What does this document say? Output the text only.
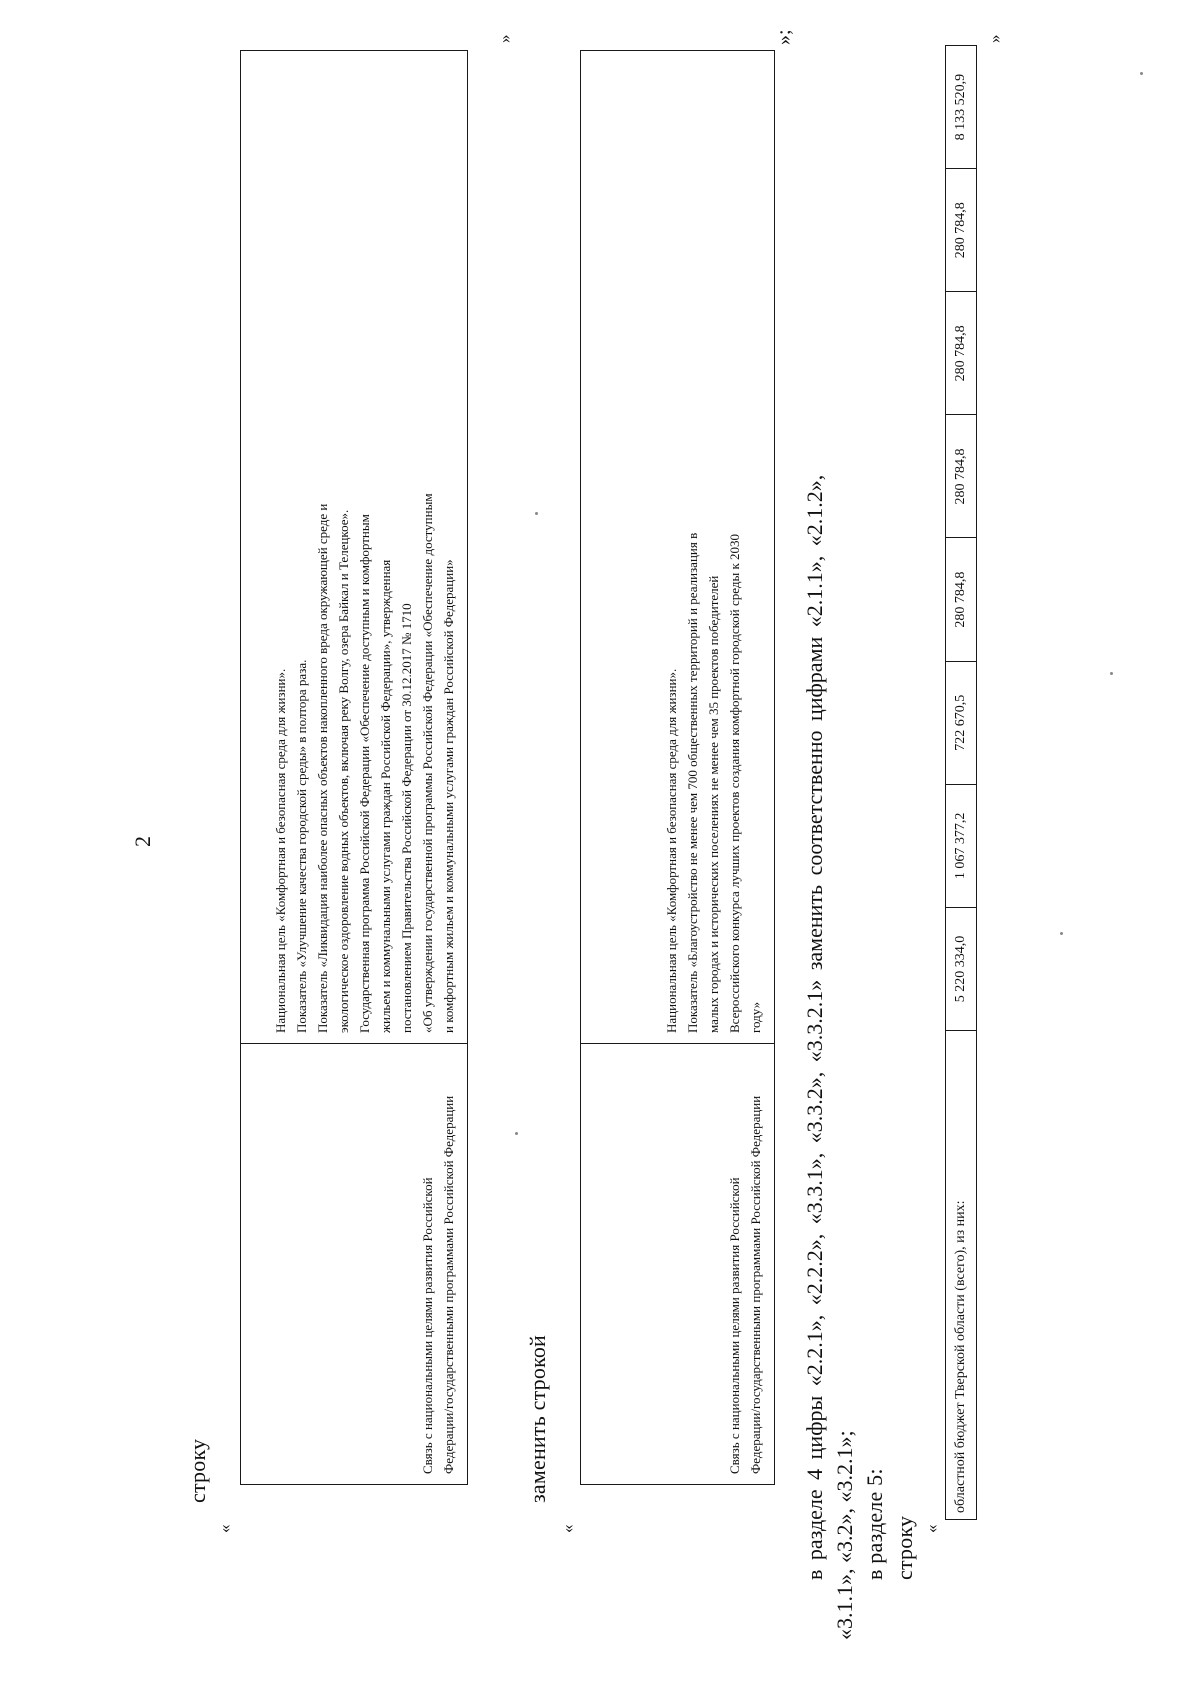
2
строку
«
Связь с национальными целями развития Российской Федерации/государственными программами Российской Федерации

Национальная цель «Комфортная и безопасная среда для жизни». Показатель «Улучшение качества городской среды» в полтора раза. Показатель «Ликвидация наиболее опасных объектов накопленного вреда окружающей среде и экологическое оздоровление водных объектов, включая реку Волгу, озера Байкал и Телецкое». Государственная программа Российской Федерации «Обеспечение доступным и комфортным жильем и коммунальными услугами граждан Российской Федерации», утвержденная постановлением Правительства Российской Федерации от 30.12.2017 № 1710 «Об утверждении государственной программы Российской Федерации «Обеспечение доступным и комфортным жильем и коммунальными услугами граждан Российской Федерации»
»
заменить строкой
«
Связь с национальными целями развития Российской Федерации/государственными программами Российской Федерации

Национальная цель «Комфортная и безопасная среда для жизни». Показатель «Благоустройство не менее чем 700 общественных территорий и реализация в малых городах и исторических поселениях не менее чем 35 проектов победителей Всероссийского конкурса лучших проектов создания комфортной городской среды к 2030 году»
»;
в разделе 4 цифры «2.2.1», «2.2.2», «3.3.1», «3.3.2», «3.3.2.1» заменить соответственно цифрами «2.1.1», «2.1.2», «3.1.1», «3.2», «3.2.1»; в разделе 5: строку «
областной бюджет Тверской области (всего), из них:	5 220 334,0	1 067 377,2	722 670,5	280 784,8	280 784,8	280 784,8	280 784,8	8 133 520,9
»
